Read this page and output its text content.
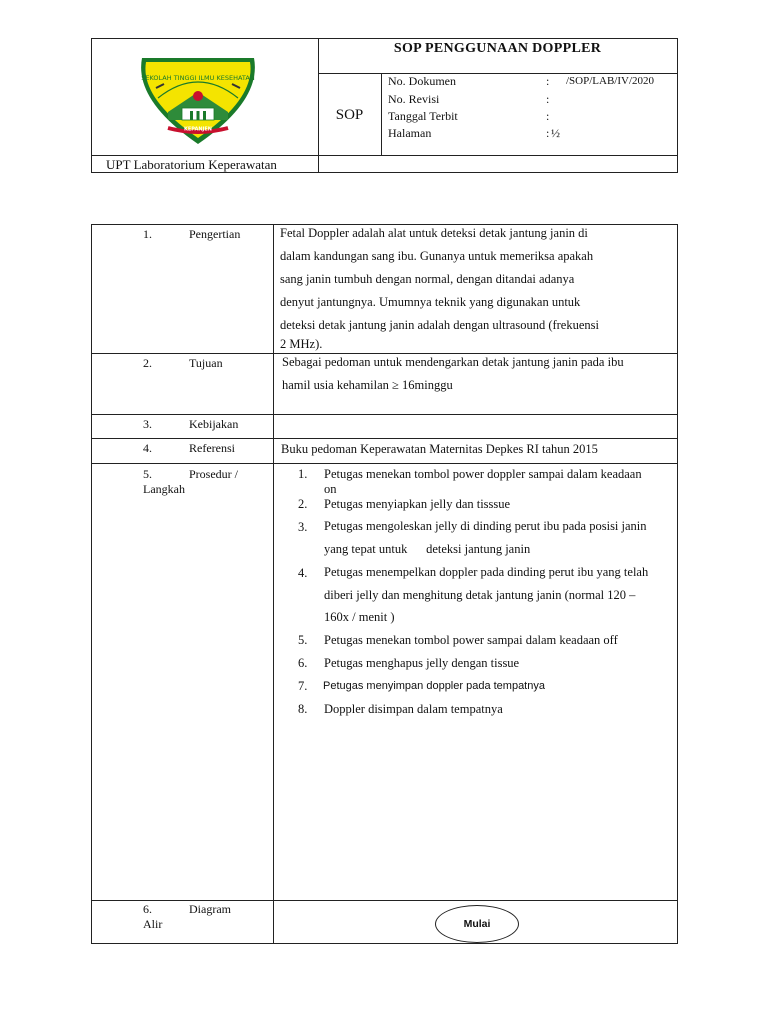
SOP PENGGUNAAN DOPPLER
SOP
UPT Laboratorium Keperawatan
No. Dokumen	: /SOP/LAB/IV/2020
No. Revisi	:
Tanggal Terbit	:
Halaman	: ½
SEKOLAH TINGGI ILMU KESEHATAN
KEPANJEN
1.	Pengertian	Fetal Doppler adalah alat untuk deteksi detak jantung janin di
dalam kandungan sang ibu. Gunanya untuk memeriksa apakah
sang janin tumbuh dengan normal, dengan ditandai adanya
denyut jantungnya. Umumnya teknik yang digunakan untuk
deteksi detak jantung janin adalah dengan ultrasound (frekuensi
2 MHz).
2.	Tujuan	Sebagai pedoman untuk mendengarkan detak jantung janin pada ibu
hamil usia kehamilan ≥ 16minggu
3.	Kebijakan
4.	Referensi	Buku pedoman Keperawatan Maternitas Depkes RI tahun 2015
5.	Prosedur /
Langkah
1. Petugas menekan tombol power doppler sampai dalam keadaan
on
2. Petugas menyiapkan jelly dan tisssue
3. Petugas mengoleskan jelly di dinding perut ibu pada posisi janin
yang tepat untuk      deteksi jantung janin
4. Petugas menempelkan doppler pada dinding perut ibu yang telah
diberi jelly dan menghitung detak jantung janin (normal 120 –
160x / menit )
5. Petugas menekan tombol power sampai dalam keadaan off
6. Petugas menghapus jelly dengan tissue
7. Petugas menyimpan doppler pada tempatnya
8. Doppler disimpan dalam tempatnya
6.	Diagram
Alir	Mulai
